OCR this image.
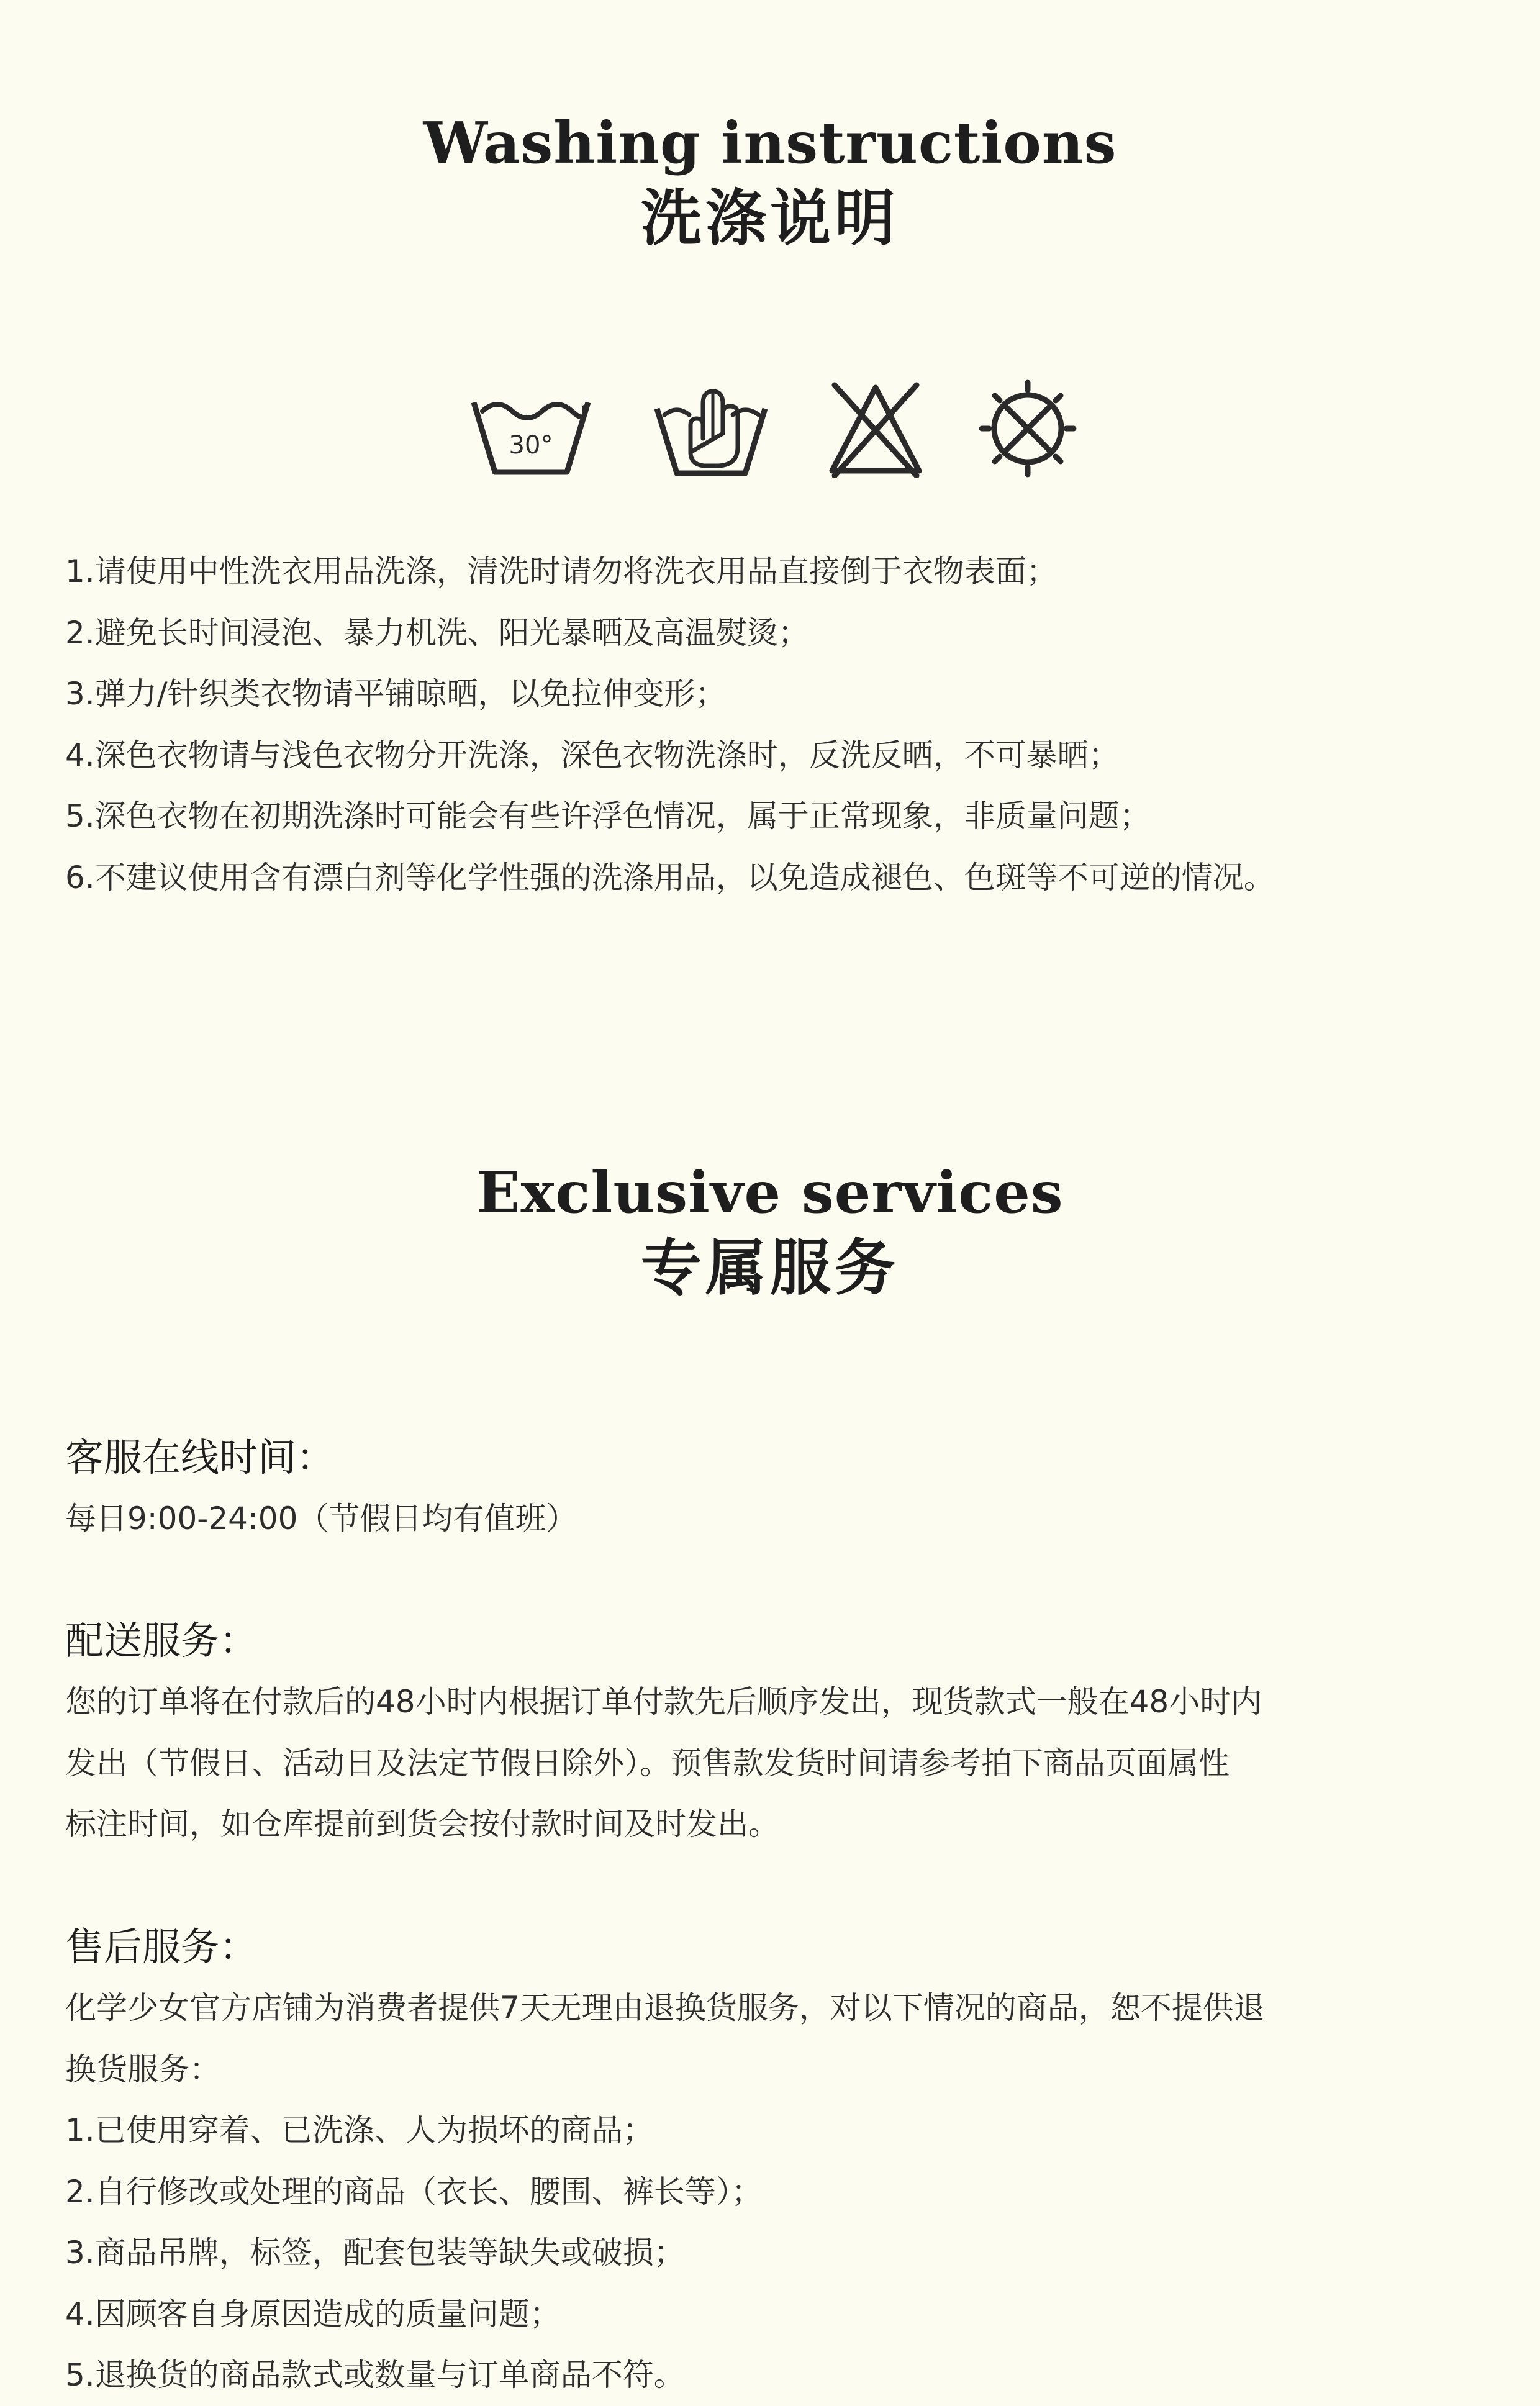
Washing instructions
洗涤说明
30°
1.请使用中性洗衣用品洗涤，清洗时请勿将洗衣用品直接倒于衣物表面；
2.避免长时间浸泡、暴力机洗、阳光暴晒及高温熨烫；
3.弹力/针织类衣物请平铺晾晒，以免拉伸变形；
4.深色衣物请与浅色衣物分开洗涤，深色衣物洗涤时，反洗反晒，不可暴晒；
5.深色衣物在初期洗涤时可能会有些许浮色情况，属于正常现象，非质量问题；
6.不建议使用含有漂白剂等化学性强的洗涤用品，以免造成褪色、色斑等不可逆的情况。
Exclusive services
专属服务
客服在线时间：
每日9:00-24:00（节假日均有值班）
配送服务：
您的订单将在付款后的48小时内根据订单付款先后顺序发出，现货款式一般在48小时内
发出（节假日、活动日及法定节假日除外）。预售款发货时间请参考拍下商品页面属性
标注时间，如仓库提前到货会按付款时间及时发出。
售后服务：
化学少女官方店铺为消费者提供7天无理由退换货服务，对以下情况的商品，恕不提供退
换货服务：
1.已使用穿着、已洗涤、人为损坏的商品；
2.自行修改或处理的商品（衣长、腰围、裤长等）；
3.商品吊牌，标签，配套包装等缺失或破损；
4.因顾客自身原因造成的质量问题；
5.退换货的商品款式或数量与订单商品不符。
